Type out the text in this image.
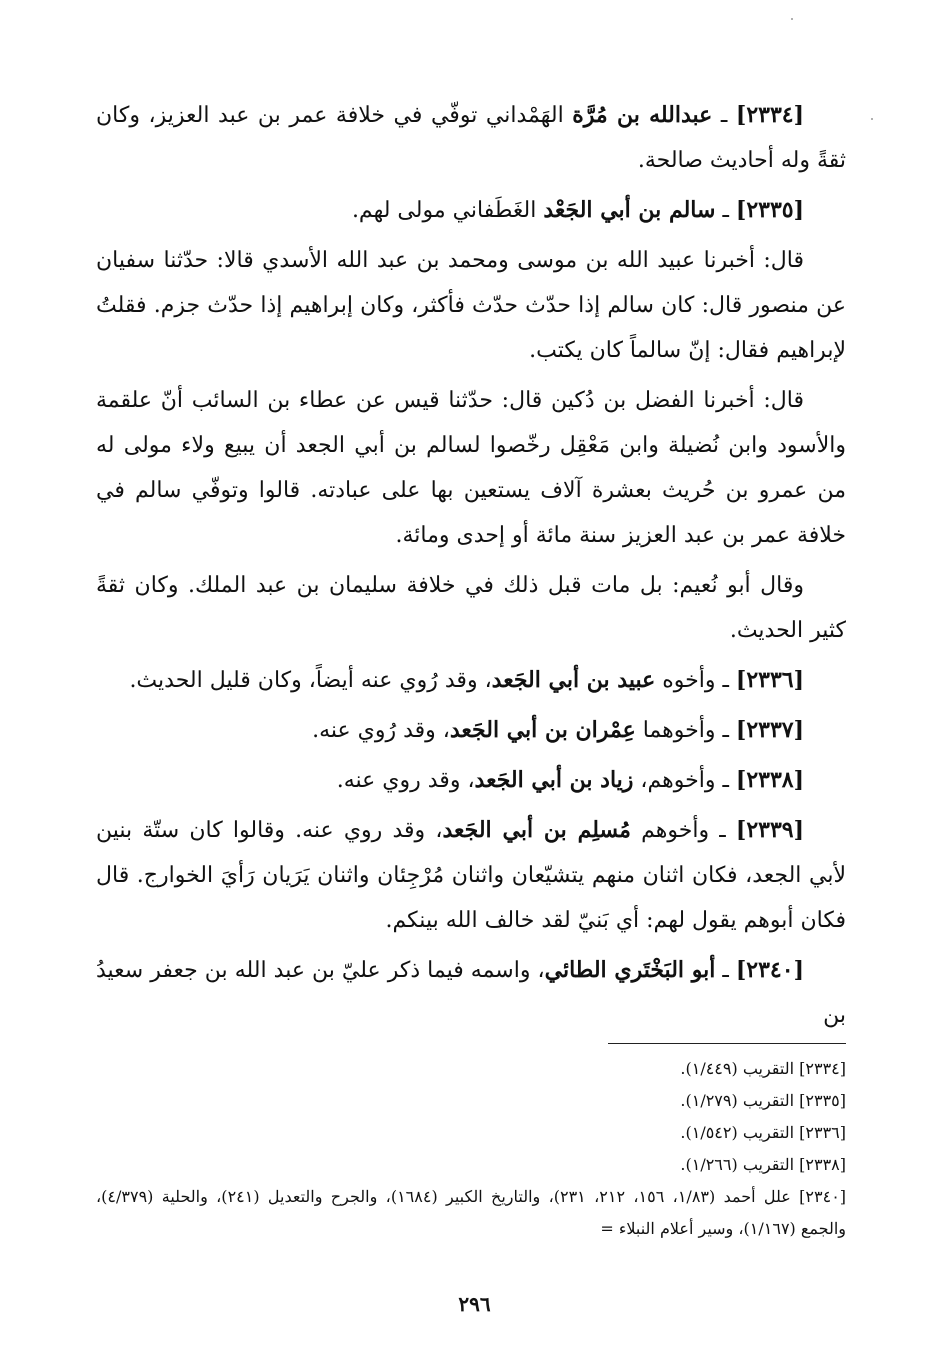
[٢٣٣٤] ـ عبدالله بن مُرَّة الهَمْداني توفّي في خلافة عمر بن عبد العزيز، وكان ثقةً وله أحاديث صالحة.

[٢٣٣٥] ـ سالم بن أبي الجَعْد الغَطَفاني مولى لهم.

قال: أخبرنا عبيد الله بن موسى ومحمد بن عبد الله الأسدي قالا: حدّثنا سفيان عن منصور قال: كان سالم إذا حدّث حدّث فأكثر، وكان إبراهيم إذا حدّث جزم. فقلتُ لإبراهيم فقال: إنّ سالماً كان يكتب.

قال: أخبرنا الفضل بن دُكين قال: حدّثنا قيس عن عطاء بن السائب أنّ علقمة والأسود وابن نُضيلة وابن مَعْقِل رخّصوا لسالم بن أبي الجعد أن يبيع ولاء مولى له من عمرو بن حُريث بعشرة آلاف يستعين بها على عبادته. قالوا وتوفّي سالم في خلافة عمر بن عبد العزيز سنة مائة أو إحدى ومائة.

وقال أبو نُعيم: بل مات قبل ذلك في خلافة سليمان بن عبد الملك. وكان ثقةً كثير الحديث.

[٢٣٣٦] ـ وأخوه عبيد بن أبي الجَعد، وقد رُوي عنه أيضاً، وكان قليل الحديث.

[٢٣٣٧] ـ وأخوهما عِمْران بن أبي الجَعد، وقد رُوي عنه.

[٢٣٣٨] ـ وأخوهم، زياد بن أبي الجَعد، وقد روي عنه.

[٢٣٣٩] ـ وأخوهم مُسلِم بن أبي الجَعد، وقد روي عنه. وقالوا كان ستّة بنين لأبي الجعد، فكان اثنان منهم يتشيّعان واثنان مُرْجِئان واثنان يَرَيان رَأيَ الخوارج. قال فكان أبوهم يقول لهم: أي بَنيّ لقد خالف الله بينكم.

[٢٣٤٠] ـ أبو البَخْتَري الطائي، واسمه فيما ذكر عليّ بن عبد الله بن جعفر سعيدُ بن

[٢٣٣٤] التقريب (١/٤٤٩).

[٢٣٣٥] التقريب (١/٢٧٩).

[٢٣٣٦] التقريب (١/٥٤٢).

[٢٣٣٨] التقريب (١/٢٦٦).

[٢٣٤٠] علل أحمد (١/٨٣، ١٥٦، ٢١٢، ٢٣١)، والتاريخ الكبير (١٦٨٤)، والجرح والتعديل (٢٤١)، والحلية (٤/٣٧٩)، والجمع (١/١٦٧)، وسير أعلام النبلاء =

٢٩٦
